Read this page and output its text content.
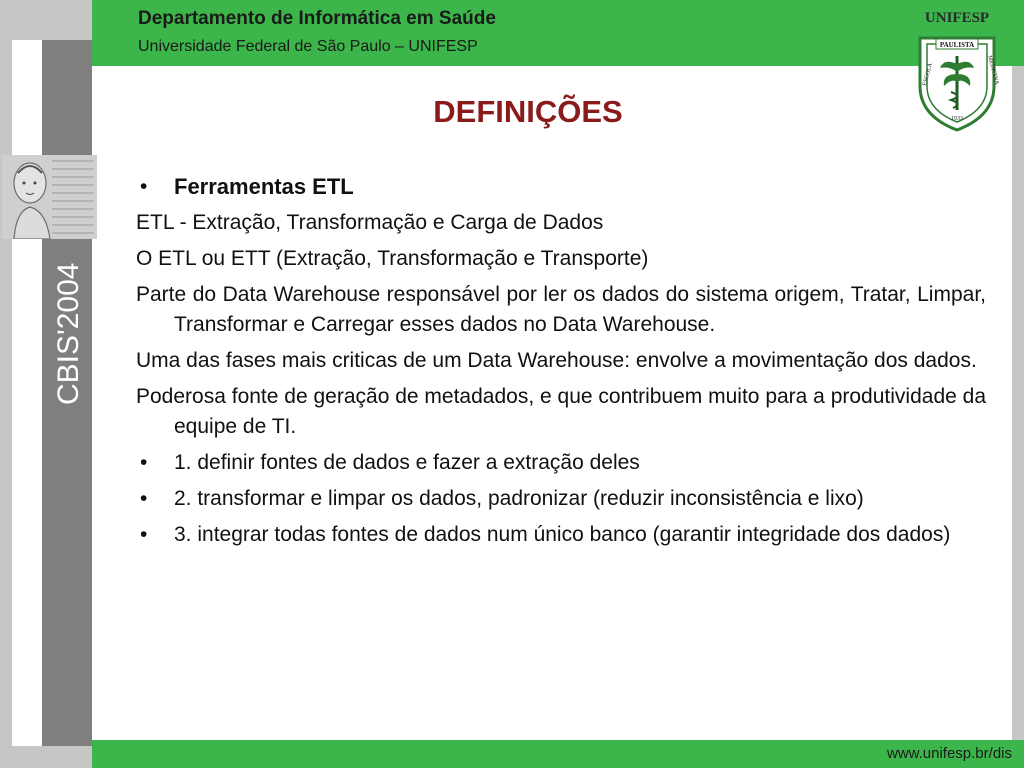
Departamento de Informática em Saúde
Universidade Federal de São Paulo – UNIFESP
UNIFESP
PAULISTA
ESCOLA	MEDICINA
1933
CBIS'2004
IX Congresso Brasileiro de Informática em Saúde
DEFINIÇÕES
•	Ferramentas ETL

ETL - Extração, Transformação e Carga de Dados

O ETL ou ETT (Extração, Transformação e Transporte)

Parte do Data Warehouse responsável por ler os dados do sistema origem, Tratar, Limpar, Transformar e Carregar esses dados no Data Warehouse.

Uma das fases mais criticas de um Data Warehouse: envolve a movimentação dos dados.

Poderosa fonte de geração de metadados, e que contribuem muito para a produtividade da equipe de TI.

•	1. definir fontes de dados e fazer a extração deles
•	2. transformar e limpar os dados, padronizar (reduzir inconsistência e lixo)
•	3. integrar todas fontes de dados num único banco (garantir integridade dos dados)
www.unifesp.br/dis
